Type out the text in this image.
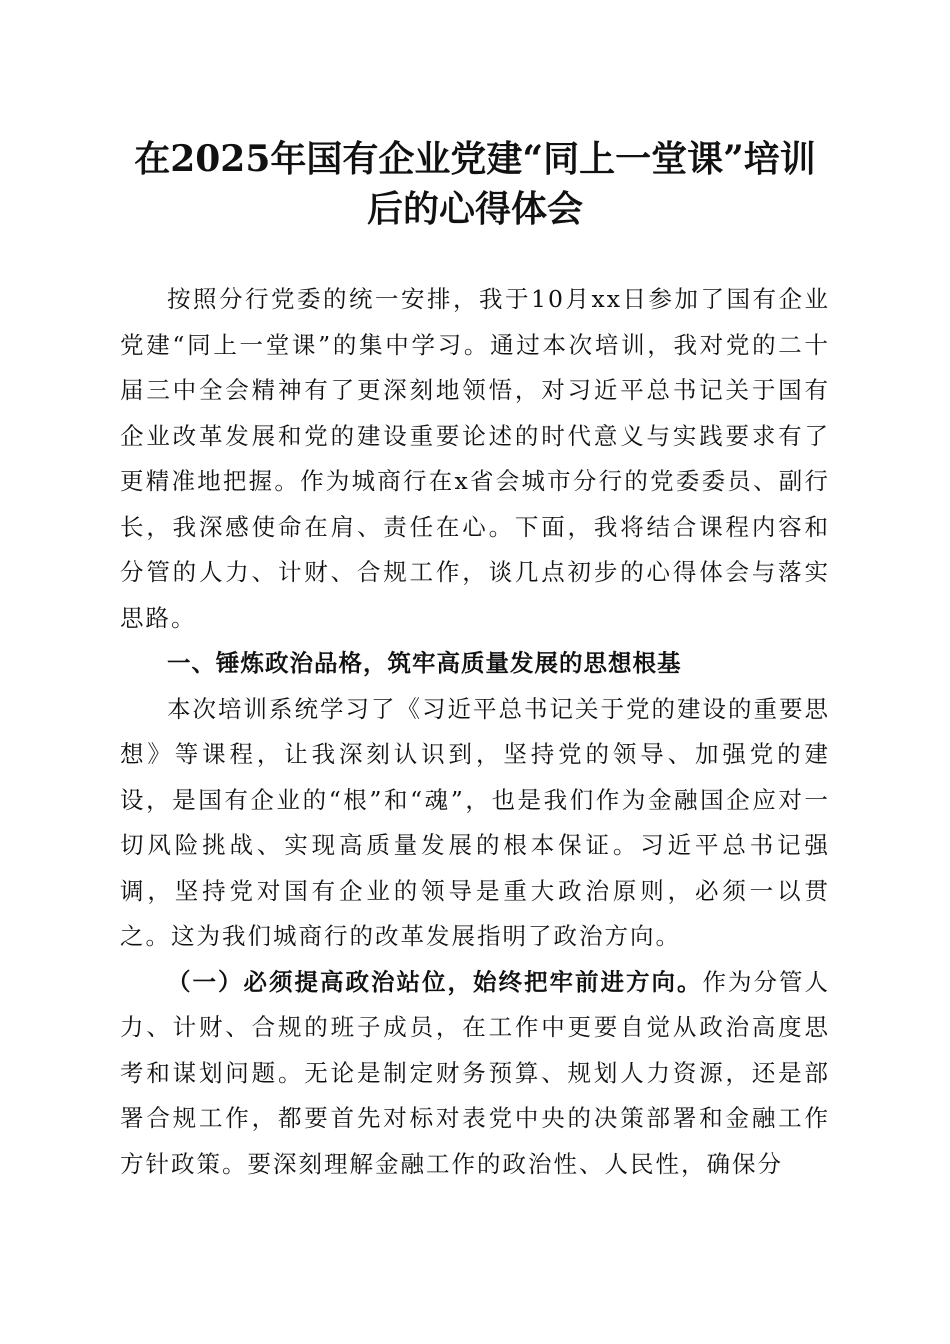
在2025年国有企业党建“同上一堂课”培训
后的心得体会

按照分行党委的统一安排，我于10月xx日参加了国有企业党建“同上一堂课”的集中学习。通过本次培训，我对党的二十届三中全会精神有了更深刻地领悟，对习近平总书记关于国有企业改革发展和党的建设重要论述的时代意义与实践要求有了更精准地把握。作为城商行在x省会城市分行的党委委员、副行长，我深感使命在肩、责任在心。下面，我将结合课程内容和分管的人力、计财、合规工作，谈几点初步的心得体会与落实思路。

一、锤炼政治品格，筑牢高质量发展的思想根基

本次培训系统学习了《习近平总书记关于党的建设的重要思想》等课程，让我深刻认识到，坚持党的领导、加强党的建设，是国有企业的“根”和“魂”，也是我们作为金融国企应对一切风险挑战、实现高质量发展的根本保证。习近平总书记强调，坚持党对国有企业的领导是重大政治原则，必须一以贯之。这为我们城商行的改革发展指明了政治方向。

（一）必须提高政治站位，始终把牢前进方向。作为分管人力、计财、合规的班子成员，在工作中更要自觉从政治高度思考和谋划问题。无论是制定财务预算、规划人力资源，还是部署合规工作，都要首先对标对表党中央的决策部署和金融工作方针政策。要深刻理解金融工作的政治性、人民性，确保分
